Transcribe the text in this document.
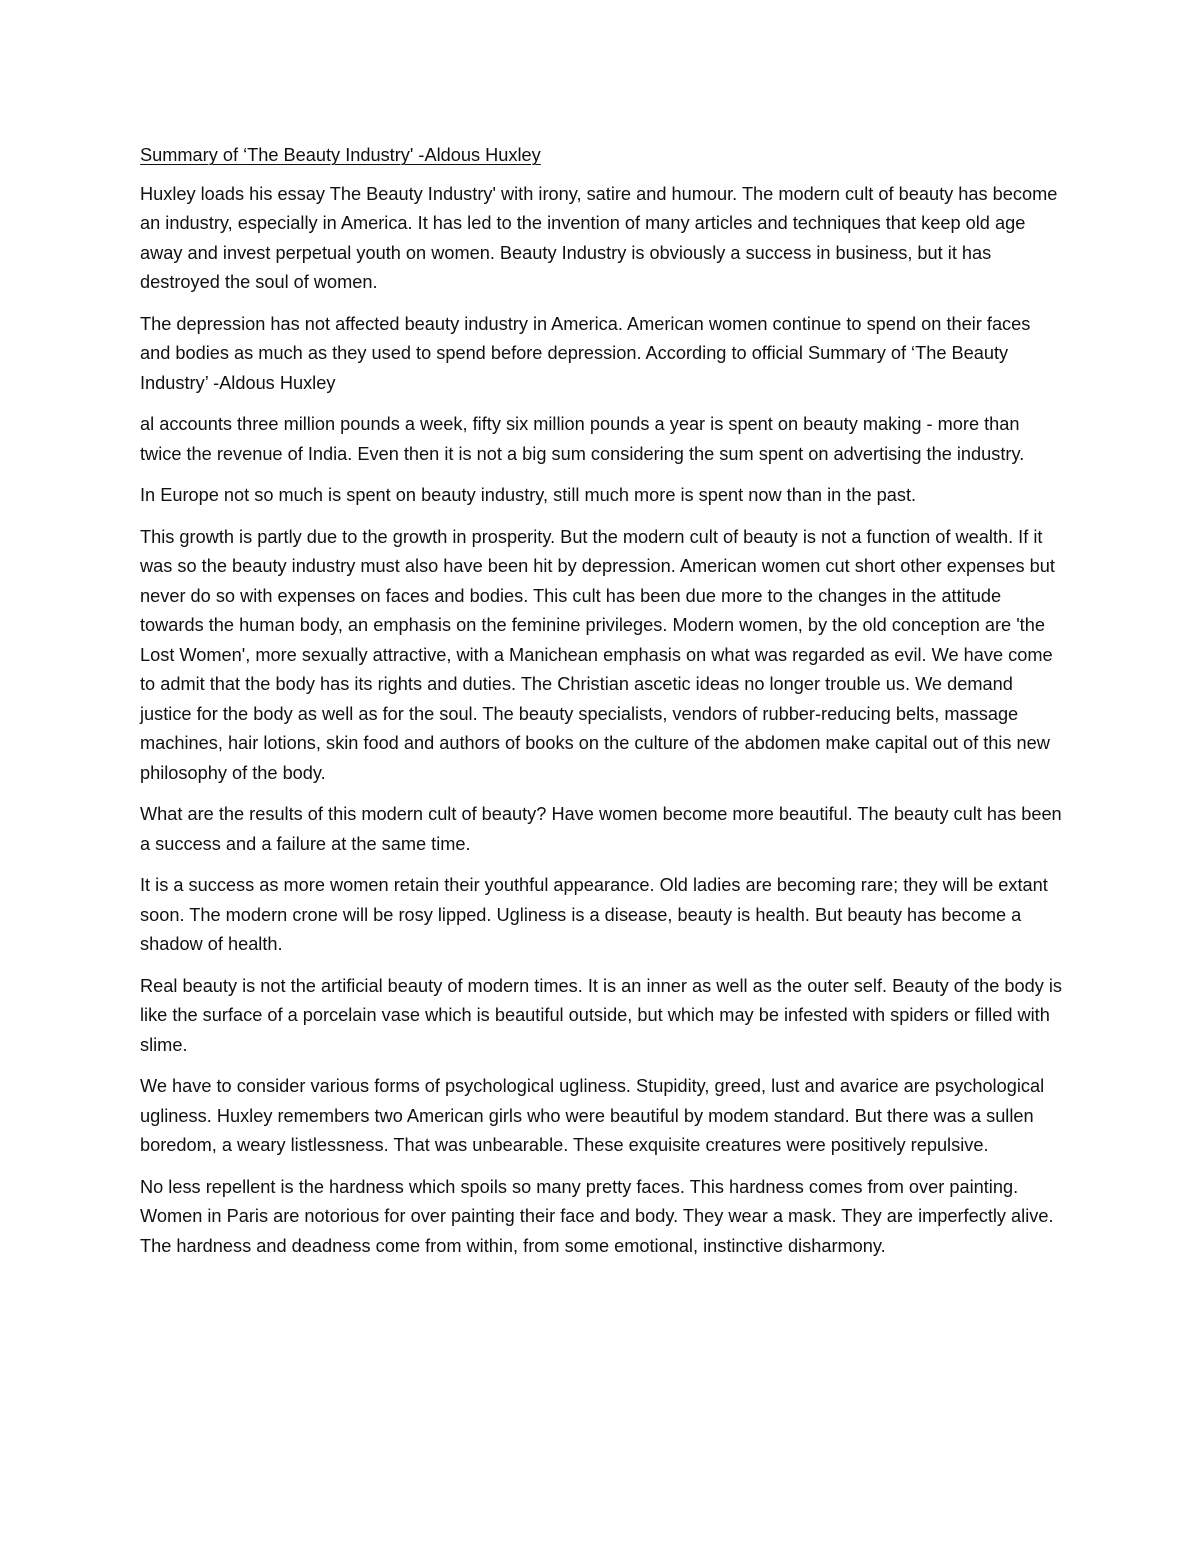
Summary of ‘The Beauty Industry' -Aldous Huxley

Huxley loads his essay The Beauty Industry' with irony, satire and humour. The modern cult of beauty has become an industry, especially in America. It has led to the invention of many articles and techniques that keep old age away and invest perpetual youth on women. Beauty Industry is obviously a success in business, but it has destroyed the soul of women.

The depression has not affected beauty industry in America. American women continue to spend on their faces and bodies as much as they used to spend before depression. According to official Summary of ‘The Beauty Industry’ -Aldous Huxley

al accounts three million pounds a week, fifty six million pounds a year is spent on beauty making - more than twice the revenue of India. Even then it is not a big sum considering the sum spent on advertising the industry.

In Europe not so much is spent on beauty industry, still much more is spent now than in the past.

This growth is partly due to the growth in prosperity. But the modern cult of beauty is not a function of wealth. If it was so the beauty industry must also have been hit by depression. American women cut short other expenses but never do so with expenses on faces and bodies. This cult has been due more to the changes in the attitude towards the human body, an emphasis on the feminine privileges. Modern women, by the old conception are 'the Lost Women', more sexually attractive, with a Manichean emphasis on what was regarded as evil. We have come to admit that the body has its rights and duties. The Christian ascetic ideas no longer trouble us. We demand justice for the body as well as for the soul. The beauty specialists, vendors of rubber-reducing belts, massage machines, hair lotions, skin food and authors of books on the culture of the abdomen make capital out of this new philosophy of the body.

What are the results of this modern cult of beauty? Have women become more beautiful. The beauty cult has been a success and a failure at the same time.

It is a success as more women retain their youthful appearance. Old ladies are becoming rare; they will be extant soon. The modern crone will be rosy lipped. Ugliness is a disease, beauty is health. But beauty has become a shadow of health.

Real beauty is not the artificial beauty of modern times. It is an inner as well as the outer self. Beauty of the body is like the surface of a porcelain vase which is beautiful outside, but which may be infested with spiders or filled with slime.

We have to consider various forms of psychological ugliness. Stupidity, greed, lust and avarice are psychological ugliness. Huxley remembers two American girls who were beautiful by modem standard. But there was a sullen boredom, a weary listlessness. That was unbearable. These exquisite creatures were positively repulsive.

No less repellent is the hardness which spoils so many pretty faces. This hardness comes from over painting. Women in Paris are notorious for over painting their face and body. They wear a mask. They are imperfectly alive. The hardness and deadness come from within, from some emotional, instinctive disharmony.
